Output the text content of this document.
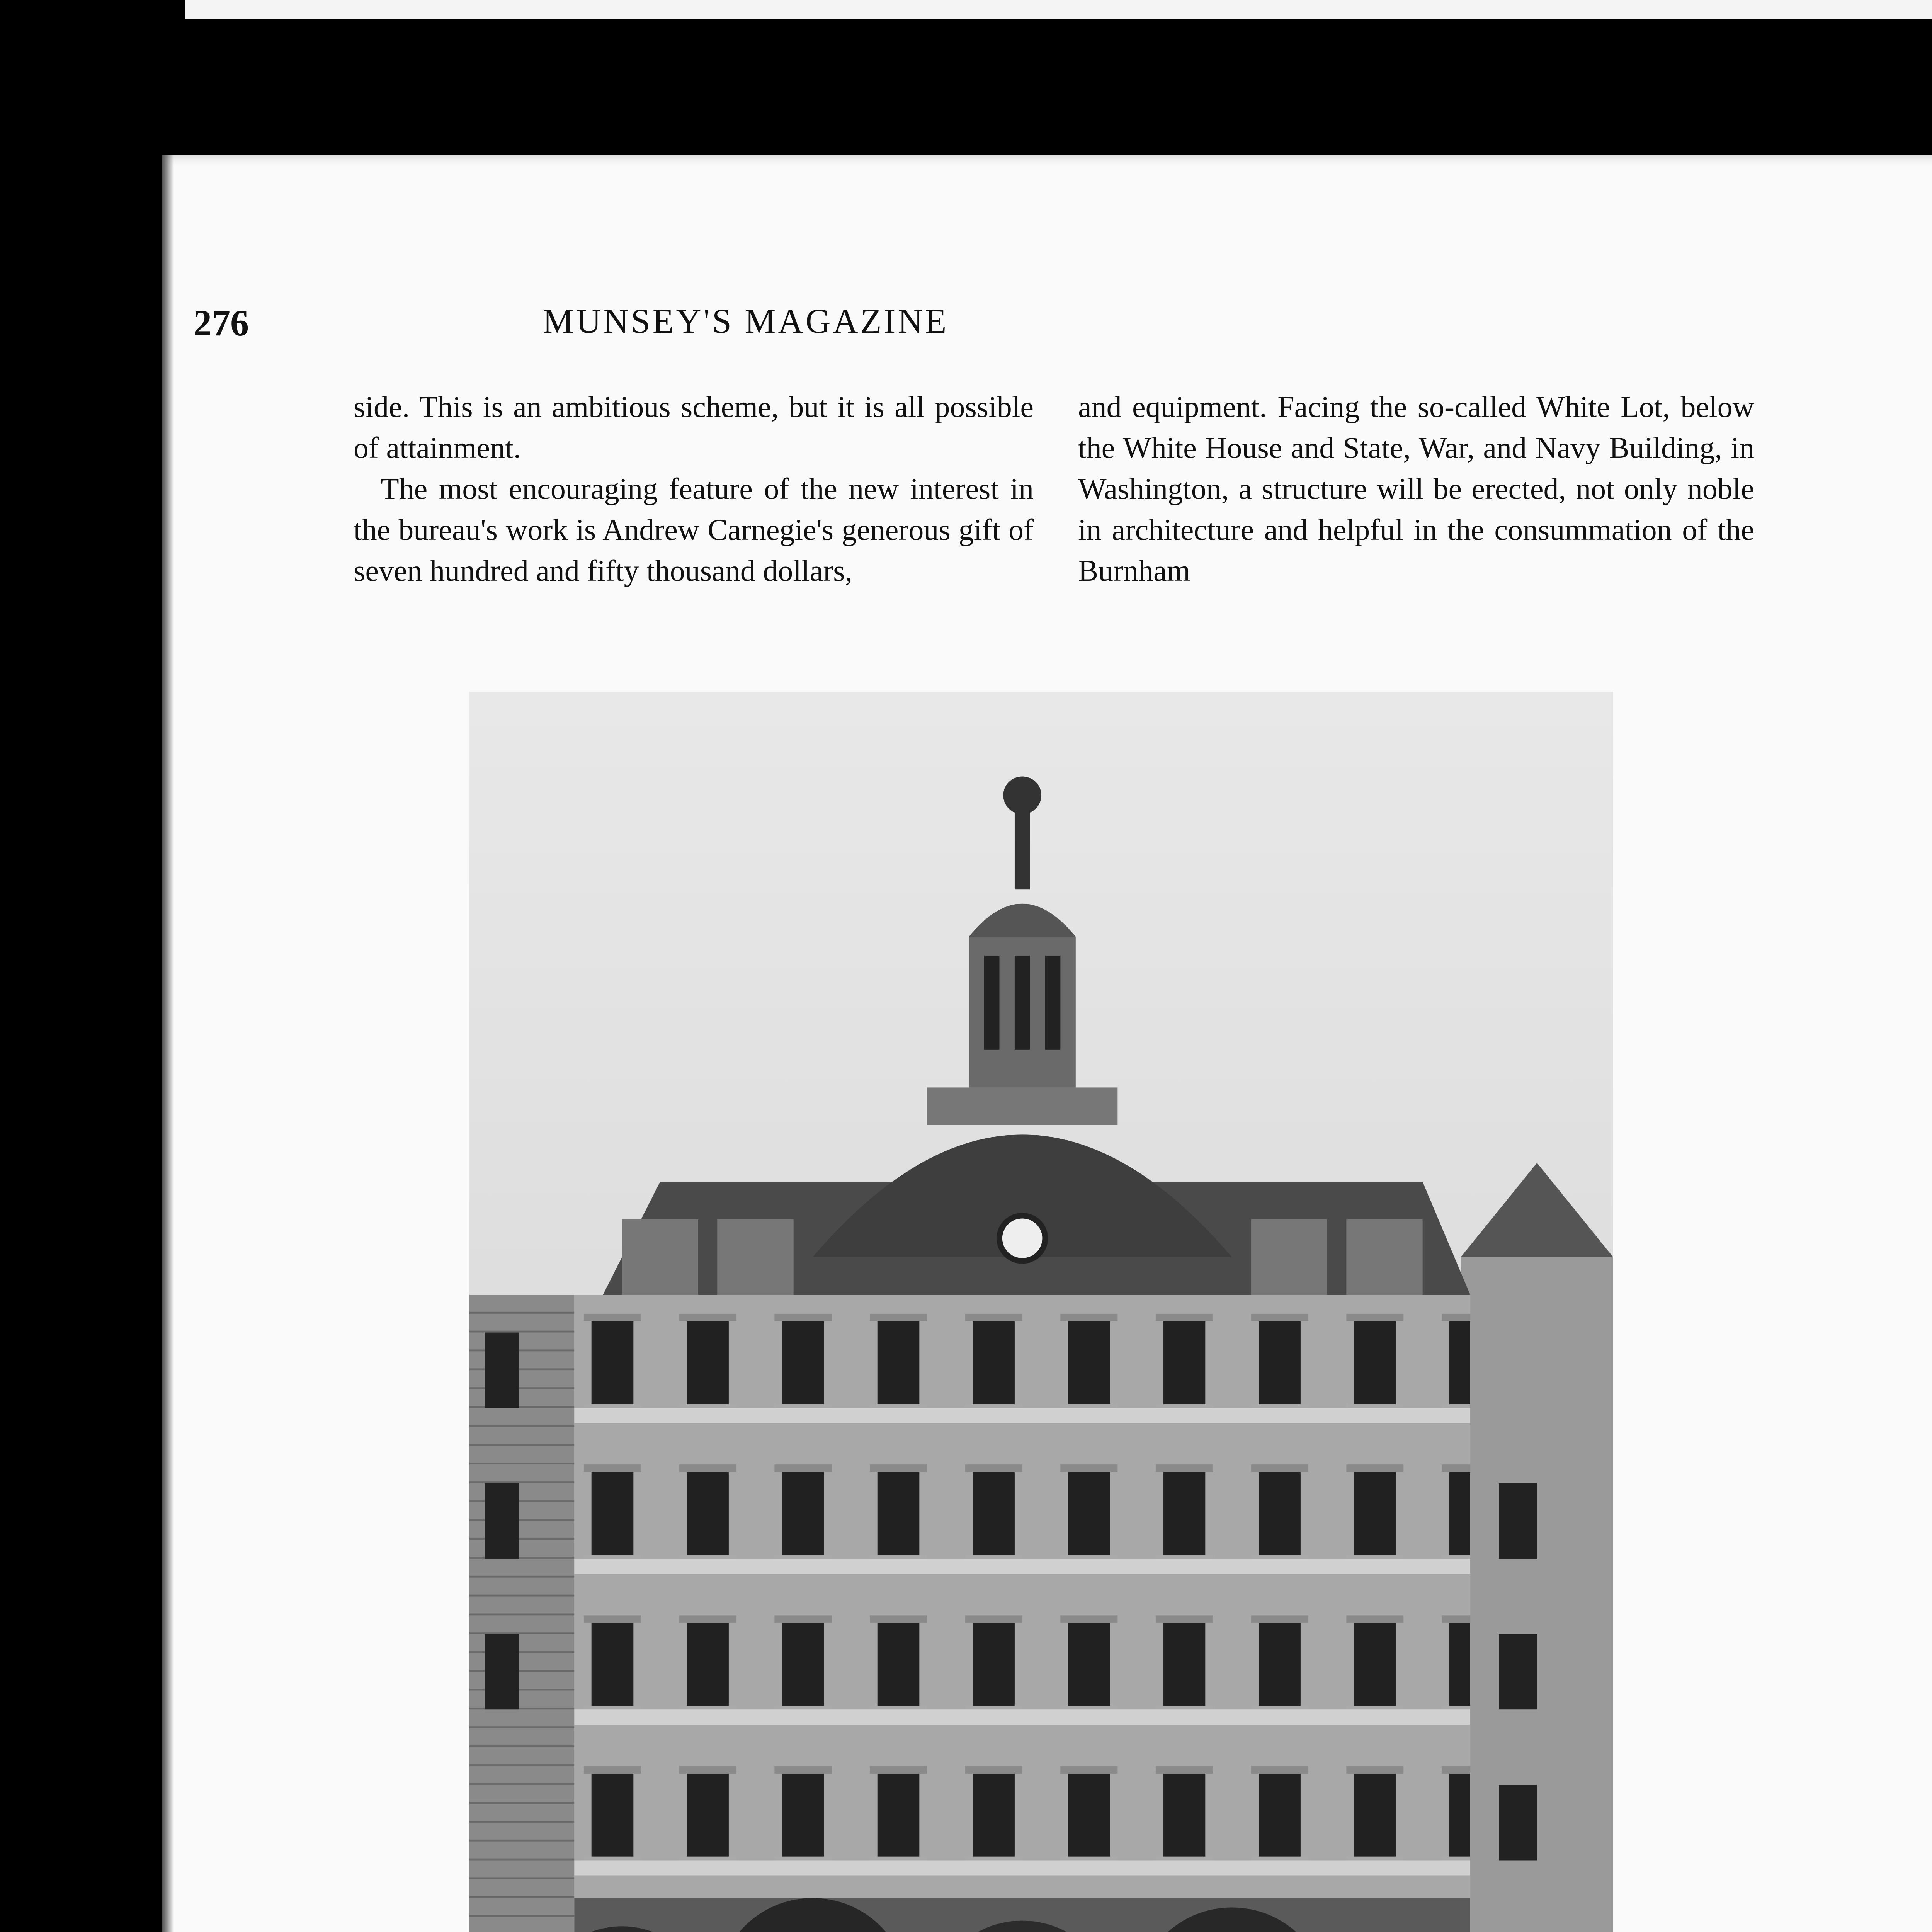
276	MUNSEY'S MAGAZINE

side. This is an ambitious scheme, but it is all possible of attainment.

The most encouraging feature of the new interest in the bureau's work is Andrew Carnegie's generous gift of seven hundred and fifty thousand dollars,

and equipment. Facing the so-called White Lot, below the White House and State, War, and Navy Building, in Washington, a structure will be erected, not only noble in architecture and helpful in the consummation of the Burnham
